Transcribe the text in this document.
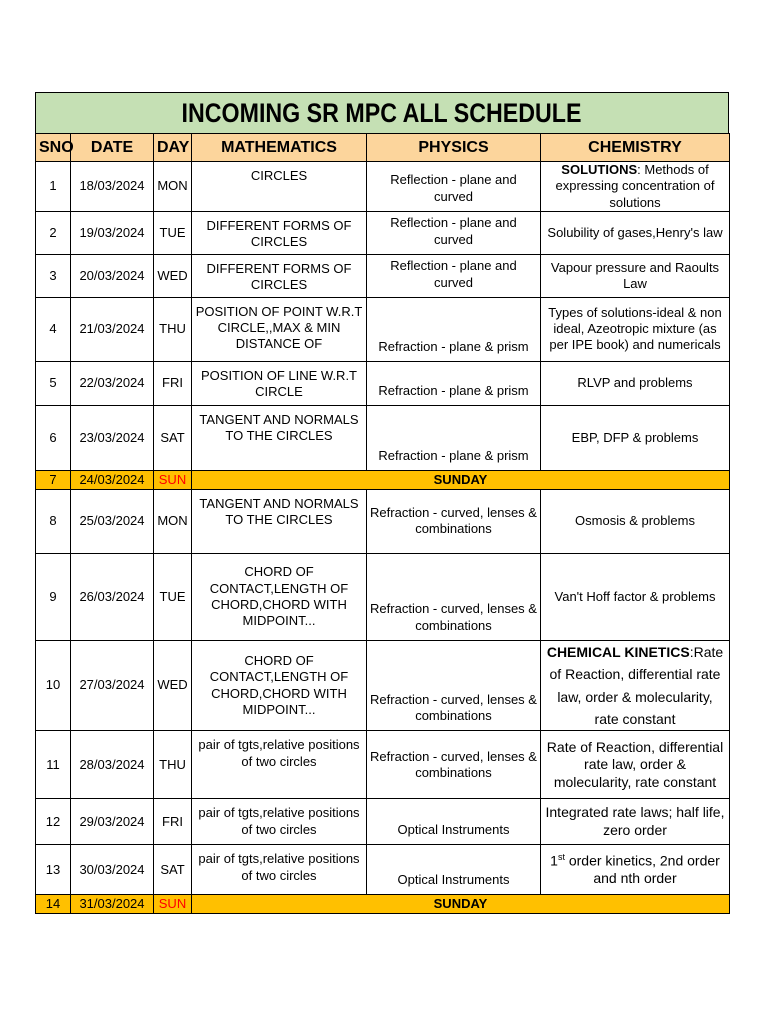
INCOMING SR MPC ALL SCHEDULE
SNO	DATE	DAY	MATHEMATICS	PHYSICS	CHEMISTRY
1	18/03/2024	MON	CIRCLES	Reflection - plane and curved	SOLUTIONS: Methods of expressing concentration of solutions
2	19/03/2024	TUE	DIFFERENT FORMS OF CIRCLES	Reflection - plane and curved	Solubility of gases,Henry's law
3	20/03/2024	WED	DIFFERENT FORMS OF CIRCLES	Reflection - plane and curved	Vapour pressure and Raoults Law
4	21/03/2024	THU	POSITION OF POINT W.R.T CIRCLE,,MAX & MIN DISTANCE OF	Refraction - plane & prism	Types of solutions-ideal & non ideal, Azeotropic mixture (as per IPE book) and numericals
5	22/03/2024	FRI	POSITION OF LINE W.R.T CIRCLE	Refraction - plane & prism	RLVP and problems
6	23/03/2024	SAT	TANGENT AND NORMALS TO THE CIRCLES	Refraction - plane & prism	EBP, DFP & problems
7	24/03/2024	SUN	SUNDAY		
8	25/03/2024	MON	TANGENT AND NORMALS TO THE CIRCLES	Refraction - curved, lenses & combinations	Osmosis & problems
9	26/03/2024	TUE	CHORD OF CONTACT,LENGTH OF CHORD,CHORD WITH MIDPOINT...	Refraction - curved, lenses & combinations	Van't Hoff factor & problems
10	27/03/2024	WED	CHORD OF CONTACT,LENGTH OF CHORD,CHORD WITH MIDPOINT...	Refraction - curved, lenses & combinations	CHEMICAL KINETICS:Rate of Reaction, differential rate law, order & molecularity, rate constant
11	28/03/2024	THU	pair of tgts,relative positions of two circles	Refraction - curved, lenses & combinations	Rate of Reaction, differential rate law, order & molecularity, rate constant
12	29/03/2024	FRI	pair of tgts,relative positions of two circles	Optical Instruments	Integrated rate laws; half life, zero order
13	30/03/2024	SAT	pair of tgts,relative positions of two circles	Optical Instruments	1st order kinetics, 2nd order and nth order
14	31/03/2024	SUN	SUNDAY		
